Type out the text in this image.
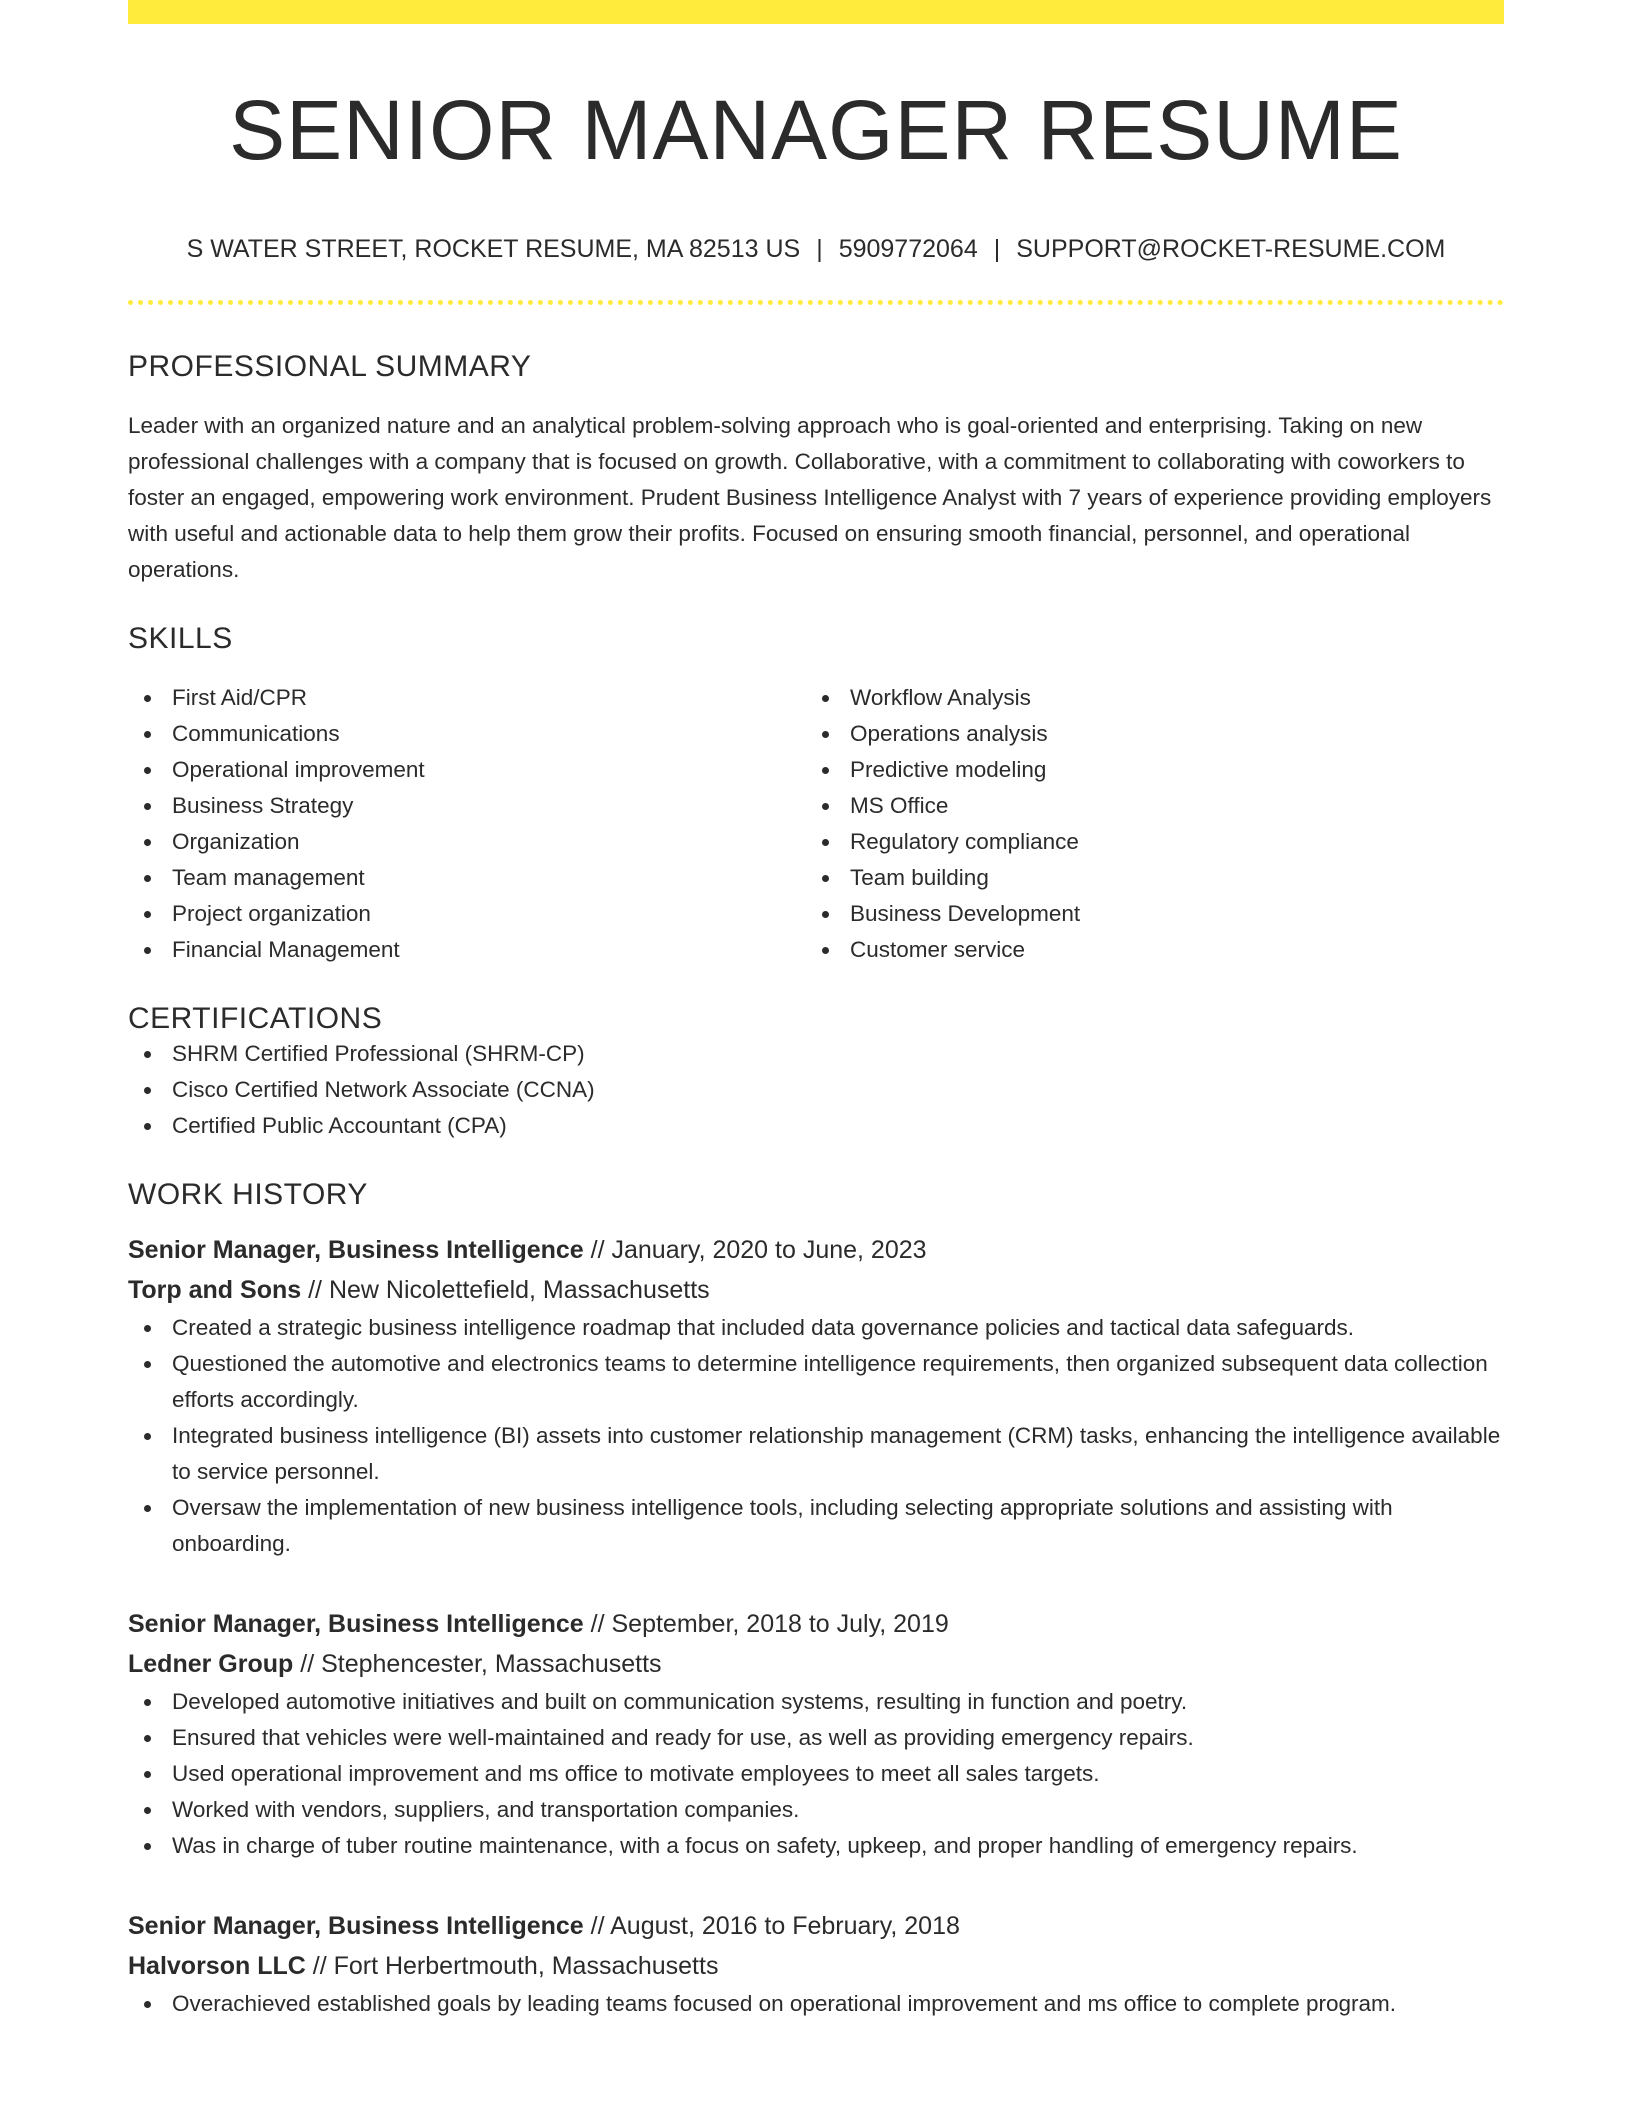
SENIOR MANAGER RESUME
S WATER STREET, ROCKET RESUME, MA 82513 US | 5909772064 | SUPPORT@ROCKET-RESUME.COM
PROFESSIONAL SUMMARY
Leader with an organized nature and an analytical problem-solving approach who is goal-oriented and enterprising. Taking on new professional challenges with a company that is focused on growth. Collaborative, with a commitment to collaborating with coworkers to foster an engaged, empowering work environment. Prudent Business Intelligence Analyst with 7 years of experience providing employers with useful and actionable data to help them grow their profits. Focused on ensuring smooth financial, personnel, and operational operations.
SKILLS
First Aid/CPR
Communications
Operational improvement
Business Strategy
Organization
Team management
Project organization
Financial Management
Workflow Analysis
Operations analysis
Predictive modeling
MS Office
Regulatory compliance
Team building
Business Development
Customer service
CERTIFICATIONS
SHRM Certified Professional (SHRM-CP)
Cisco Certified Network Associate (CCNA)
Certified Public Accountant (CPA)
WORK HISTORY
Senior Manager, Business Intelligence // January, 2020 to June, 2023
Torp and Sons // New Nicolettefield, Massachusetts
Created a strategic business intelligence roadmap that included data governance policies and tactical data safeguards.
Questioned the automotive and electronics teams to determine intelligence requirements, then organized subsequent data collection efforts accordingly.
Integrated business intelligence (BI) assets into customer relationship management (CRM) tasks, enhancing the intelligence available to service personnel.
Oversaw the implementation of new business intelligence tools, including selecting appropriate solutions and assisting with onboarding.
Senior Manager, Business Intelligence // September, 2018 to July, 2019
Ledner Group // Stephencester, Massachusetts
Developed automotive initiatives and built on communication systems, resulting in function and poetry.
Ensured that vehicles were well-maintained and ready for use, as well as providing emergency repairs.
Used operational improvement and ms office to motivate employees to meet all sales targets.
Worked with vendors, suppliers, and transportation companies.
Was in charge of tuber routine maintenance, with a focus on safety, upkeep, and proper handling of emergency repairs.
Senior Manager, Business Intelligence // August, 2016 to February, 2018
Halvorson LLC // Fort Herbertmouth, Massachusetts
Overachieved established goals by leading teams focused on operational improvement and ms office to complete program.
